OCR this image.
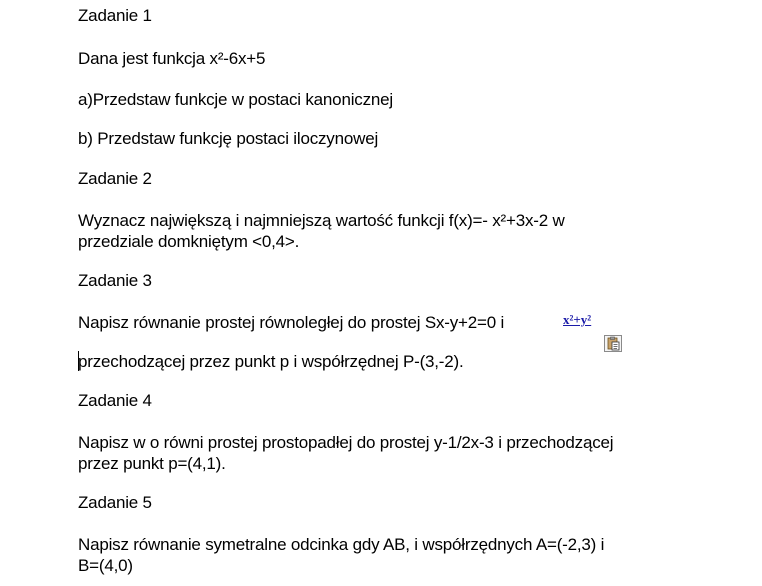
Zadanie 1
Dana jest funkcja x²-6x+5
a)Przedstaw funkcje w postaci kanonicznej
b) Przedstaw funkcję postaci iloczynowej
Zadanie 2
Wyznacz największą i najmniejszą wartość funkcji f(x)=- x²+3x-2 w
przedziale domkniętym <0,4>.
Zadanie 3
Napisz równanie prostej równoległej do prostej Sx-y+2=0 i	x²+y²
przechodzącej przez punkt p i współrzędnej P-(3,-2).
Zadanie 4
Napisz w o równi prostej prostopadłej do prostej y-1/2x-3 i przechodzącej
przez punkt p=(4,1).
Zadanie 5
Napisz równanie symetralne odcinka gdy AB, i współrzędnych A=(-2,3) i
B=(4,0)
